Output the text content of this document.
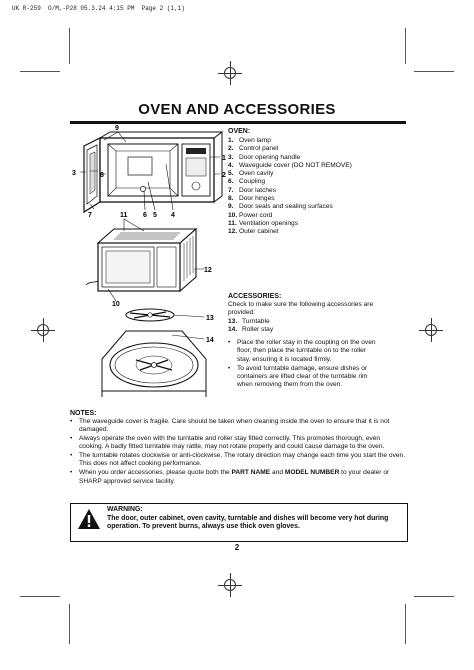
UK R-259  O/M,-P28 05.3.24 4:15 PM  Page 2 (1,1)
OVEN AND ACCESSORIES
OVEN:
1. Oven lamp
2. Control panel
3. Door opening handle
4. Waveguide cover (DO NOT REMOVE)
5. Oven cavity
6. Coupling
7. Door latches
8. Door hinges
9. Door seals and sealing surfaces
10. Power cord
11. Ventilation openings
12. Outer cabinet
ACCESSORIES:
Check to make sure the following accessories are provided:
13. Turntable
14. Roller stay
• Place the roller stay in the coupling on the oven floor, then place the turntable on to the roller stay, ensuring it is located firmly.
• To avoid turntable damage, ensure dishes or containers are lifted clear of the turntable rim when removing them from the oven.
9
3	8
1
2
7	6 5 4
11
12
10
13
14
NOTES:
• The waveguide cover is fragile. Care should be taken when cleaning inside the oven to ensure that it is not damaged.
• Always operate the oven with the turntable and roller stay fitted correctly. This promotes thorough, even cooking. A badly fitted turntable may rattle, may not rotate properly and could cause damage to the oven.
• The turntable rotates clockwise or anti-clockwise. The rotary direction may change each time you start the oven. This does not affect cooking performance.
• When you order accessories, please quote both the PART NAME and MODEL NUMBER to your dealer or SHARP approved service facility.
WARNING:
The door, outer cabinet, oven cavity, turntable and dishes will become very hot during operation. To prevent burns, always use thick oven gloves.
2
